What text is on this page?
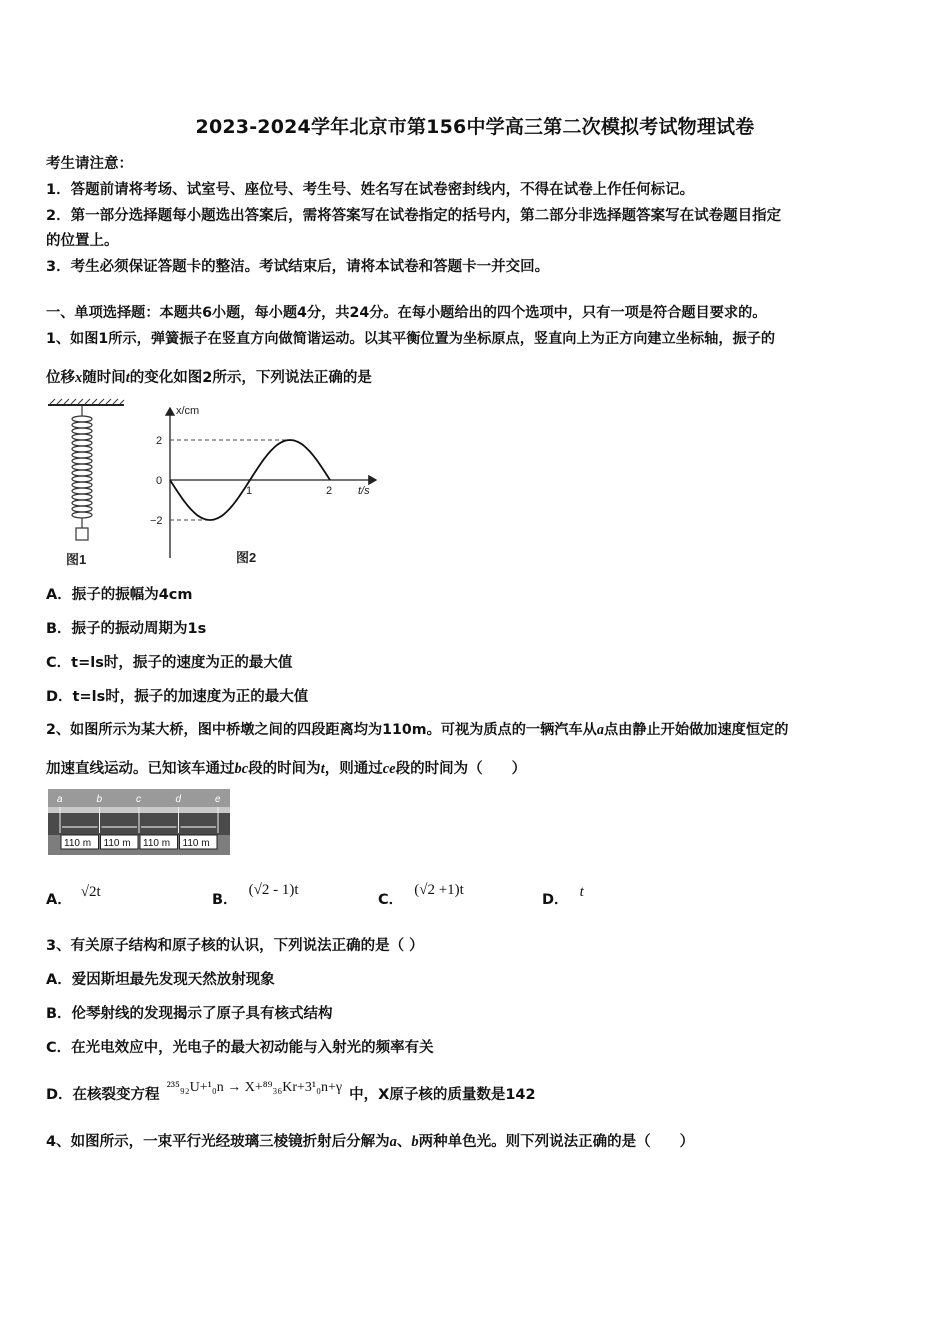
2023-2024学年北京市第156中学高三第二次模拟考试物理试卷
考生请注意：
1．答题前请将考场、试室号、座位号、考生号、姓名写在试卷密封线内，不得在试卷上作任何标记。
2．第一部分选择题每小题选出答案后，需将答案写在试卷指定的括号内，第二部分非选择题答案写在试卷题目指定
的位置上。
3．考生必须保证答题卡的整洁。考试结束后，请将本试卷和答题卡一并交回。
一、单项选择题：本题共6小题，每小题4分，共24分。在每小题给出的四个选项中，只有一项是符合题目要求的。
1、如图1所示，弹簧振子在竖直方向做简谐运动。以其平衡位置为坐标原点，竖直向上为正方向建立坐标轴，振子的
位移x随时间t的变化如图2所示，下列说法正确的是
图1
x/cm
t/s
2
0
−2
1	2
图2
A．振子的振幅为4cm
B．振子的振动周期为1s
C．t=ls时，振子的速度为正的最大值
D．t=ls时，振子的加速度为正的最大值
2、如图所示为某大桥，图中桥墩之间的四段距离均为110m。可视为质点的一辆汽车从a点由静止开始做加速度恒定的
加速直线运动。已知该车通过bc段的时间为t，则通过ce段的时间为（　　）
a	b	c	d	e
110 m 110 m 110 m 110 m
A． √2t	B． (√2 - 1)t
C． (√2 +1)t
D． t
3、有关原子结构和原子核的认识，下列说法正确的是（ ）
A．爱因斯坦最先发现天然放射现象
B．伦琴射线的发现揭示了原子具有核式结构
C．在光电效应中，光电子的最大初动能与入射光的频率有关
D．在核裂变方程 ²³⁵₉₂U+¹₀n → X+⁸⁹₃₆Kr+3¹₀n+γ 中，X原子核的质量数是142
4、如图所示，一束平行光经玻璃三棱镜折射后分解为a、b两种单色光。则下列说法正确的是（　　）
